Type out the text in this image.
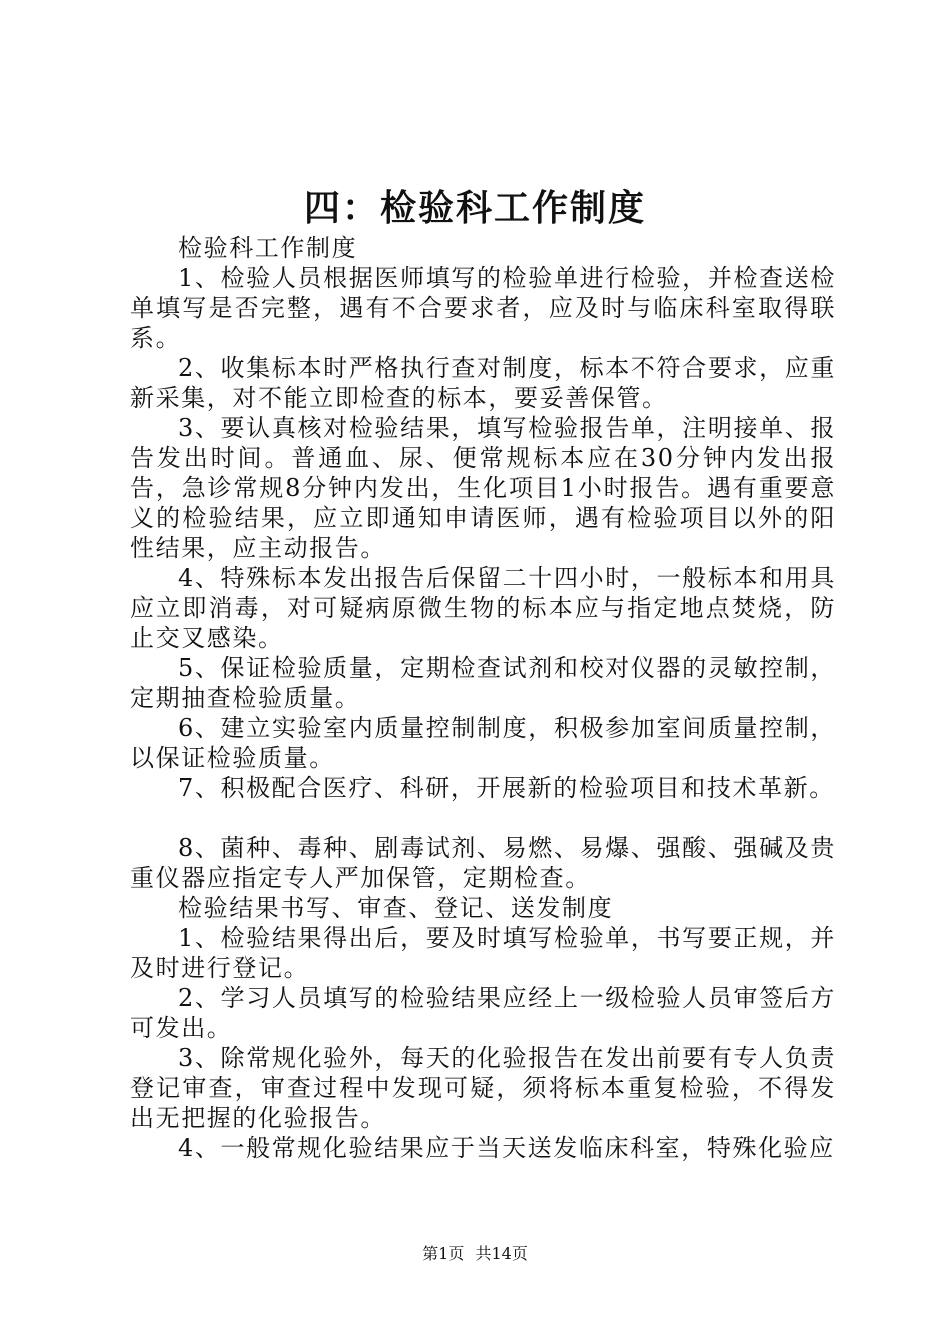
四：检验科工作制度

检验科工作制度

1、检验人员根据医师填写的检验单进行检验，并检查送检单填写是否完整，遇有不合要求者，应及时与临床科室取得联系。

2、收集标本时严格执行查对制度，标本不符合要求，应重新采集，对不能立即检查的标本，要妥善保管。

3、要认真核对检验结果，填写检验报告单，注明接单、报告发出时间。普通血、尿、便常规标本应在30分钟内发出报告，急诊常规8分钟内发出，生化项目1小时报告。遇有重要意义的检验结果，应立即通知申请医师，遇有检验项目以外的阳性结果，应主动报告。

4、特殊标本发出报告后保留二十四小时，一般标本和用具应立即消毒，对可疑病原微生物的标本应与指定地点焚烧，防止交叉感染。

5、保证检验质量，定期检查试剂和校对仪器的灵敏控制，定期抽查检验质量。

6、建立实验室内质量控制制度，积极参加室间质量控制，以保证检验质量。

7、积极配合医疗、科研，开展新的检验项目和技术革新。

8、菌种、毒种、剧毒试剂、易燃、易爆、强酸、强碱及贵重仪器应指定专人严加保管，定期检查。

检验结果书写、审查、登记、送发制度

1、检验结果得出后，要及时填写检验单，书写要正规，并及时进行登记。

2、学习人员填写的检验结果应经上一级检验人员审签后方可发出。

3、除常规化验外，每天的化验报告在发出前要有专人负责登记审查，审查过程中发现可疑，须将标本重复检验，不得发出无把握的化验报告。

4、一般常规化验结果应于当天送发临床科室，特殊化验应

第1页 共14页
